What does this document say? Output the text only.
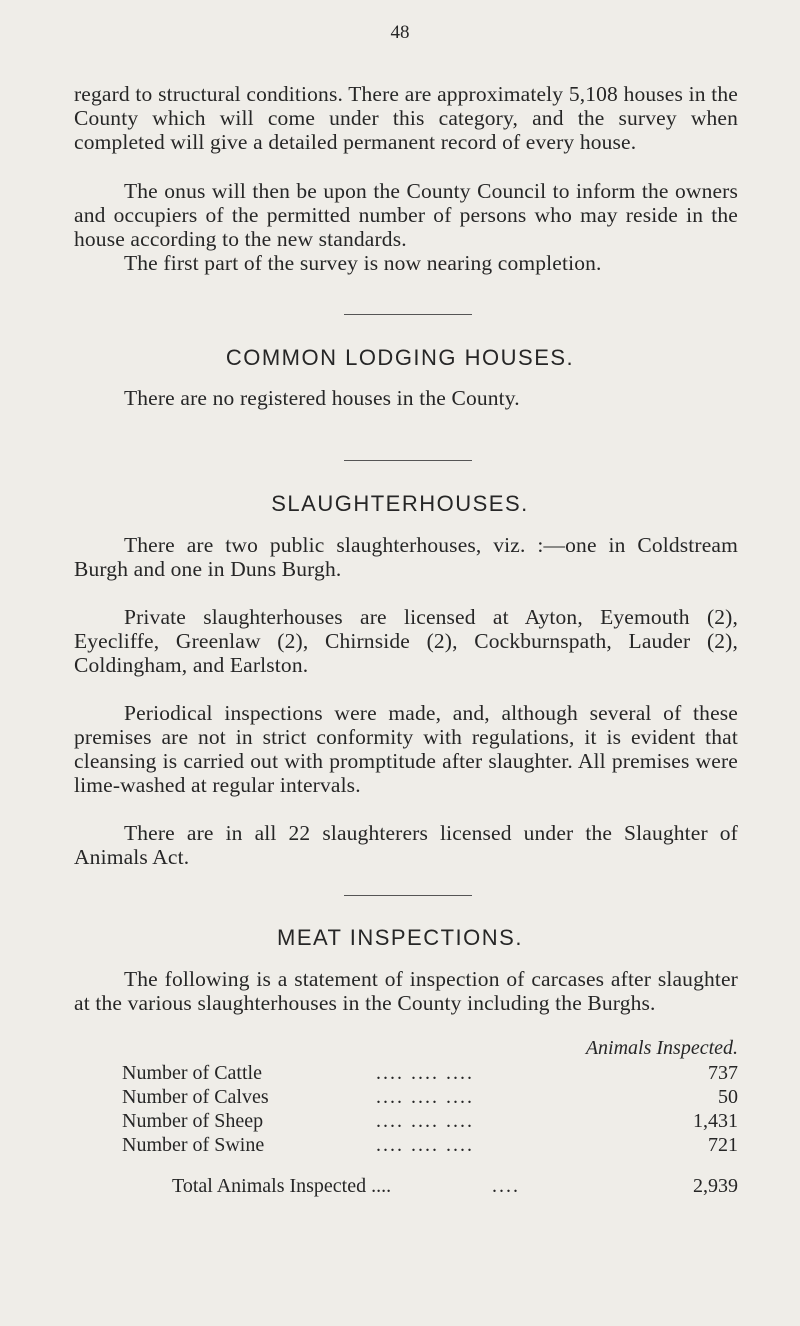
48
regard to structural conditions. There are approximately 5,108 houses in the County which will come under this category, and the survey when completed will give a detailed permanent record of every house.
The onus will then be upon the County Council to inform the owners and occupiers of the permitted number of persons who may reside in the house according to the new standards.
The first part of the survey is now nearing completion.
COMMON LODGING HOUSES.
There are no registered houses in the County.
SLAUGHTERHOUSES.
There are two public slaughterhouses, viz. :—one in Coldstream Burgh and one in Duns Burgh.
Private slaughterhouses are licensed at Ayton, Eyemouth (2), Eyecliffe, Greenlaw (2), Chirnside (2), Cockburnspath, Lauder (2), Coldingham, and Earlston.
Periodical inspections were made, and, although several of these premises are not in strict conformity with regulations, it is evident that cleansing is carried out with promptitude after slaughter. All premises were lime-washed at regular intervals.
There are in all 22 slaughterers licensed under the Slaughter of Animals Act.
MEAT INSPECTIONS.
The following is a statement of inspection of carcases after slaughter at the various slaughterhouses in the County including the Burghs.
Animals Inspected.
Number of Cattle	.... .... ....	737
Number of Calves	.... .... ....	50
Number of Sheep	.... .... ....	1,431
Number of Swine	.... .... ....	721
Total Animals Inspected ....	....	2,939
